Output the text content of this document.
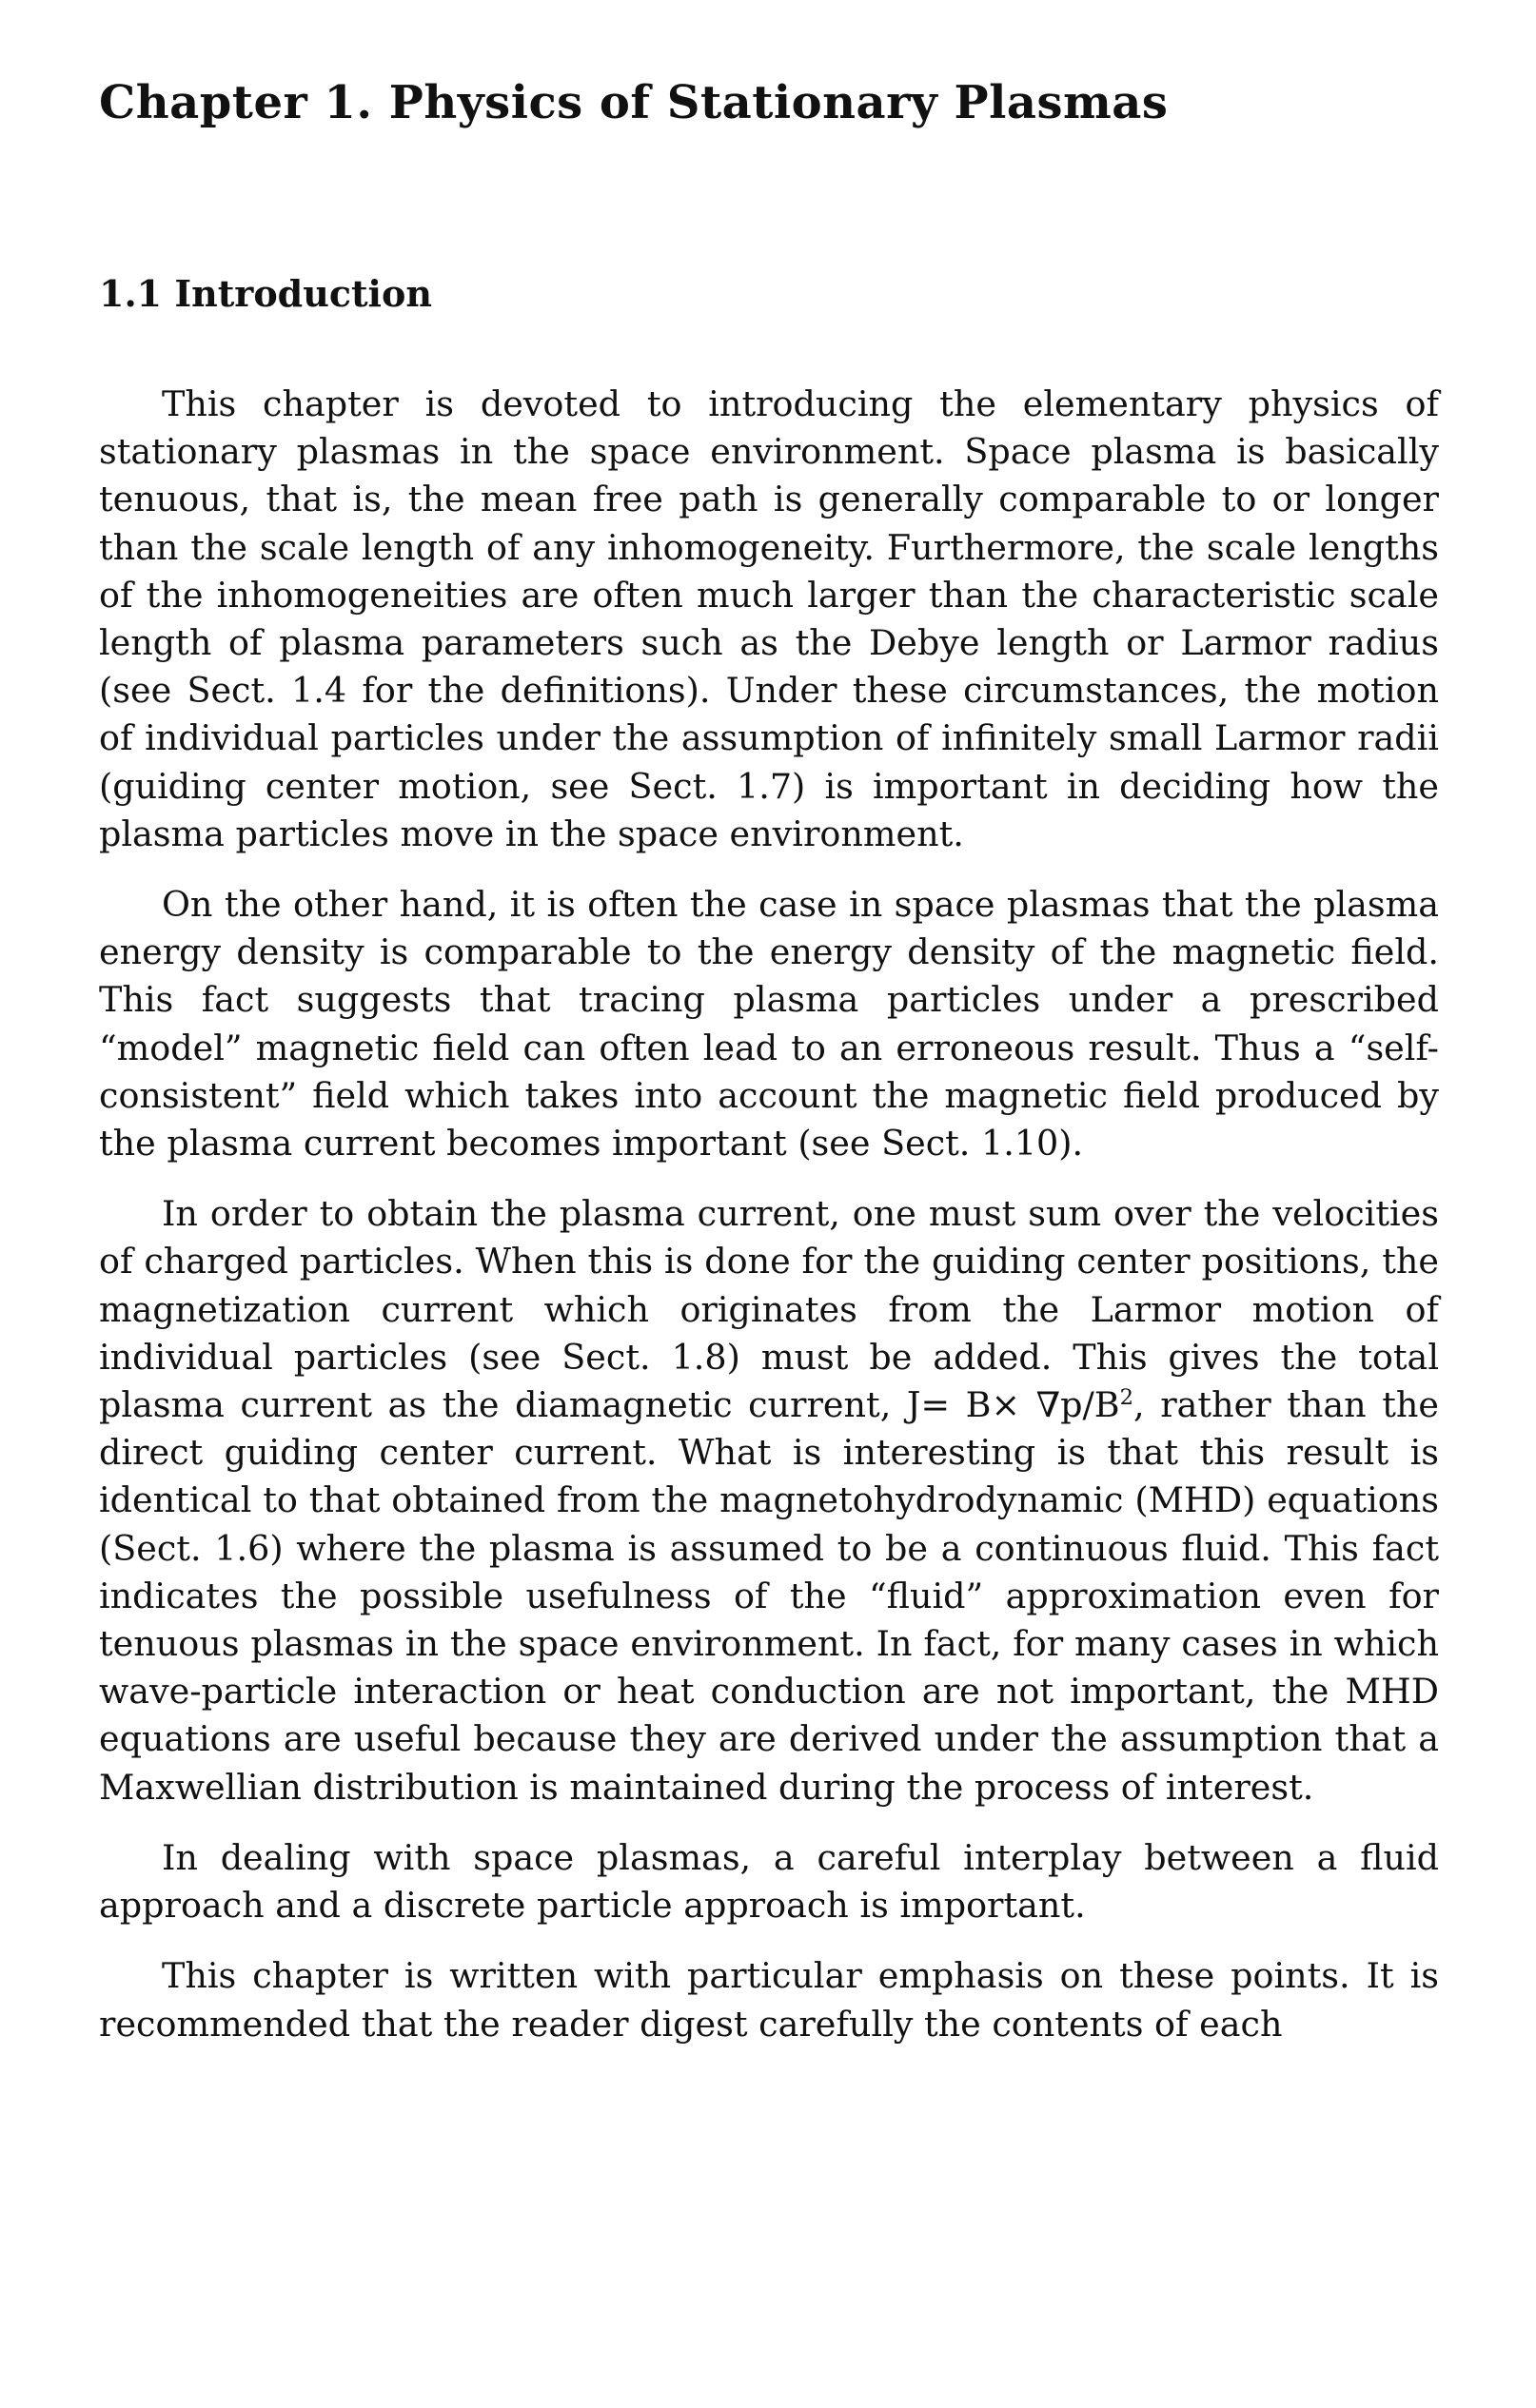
Chapter 1. Physics of Stationary Plasmas
1.1 Introduction

This chapter is devoted to introducing the elementary physics of stationary plasmas in the space environment. Space plasma is basically tenuous, that is, the mean free path is generally comparable to or longer than the scale length of any inhomogeneity. Furthermore, the scale lengths of the inhomogeneities are often much larger than the characteristic scale length of plasma parameters such as the Debye length or Larmor radius (see Sect. 1.4 for the definitions). Under these circumstances, the motion of individual particles under the assumption of infinitely small Larmor radii (guiding center motion, see Sect. 1.7) is important in deciding how the plasma particles move in the space environment.

On the other hand, it is often the case in space plasmas that the plasma energy density is comparable to the energy density of the magnetic field. This fact suggests that tracing plasma particles under a prescribed “model” magnetic field can often lead to an erroneous result. Thus a “self-consistent” field which takes into account the magnetic field produced by the plasma current becomes important (see Sect. 1.10).

In order to obtain the plasma current, one must sum over the velocities of charged particles. When this is done for the guiding center positions, the magnetization current which originates from the Larmor motion of individual particles (see Sect. 1.8) must be added. This gives the total plasma current as the diamagnetic current, $J= B\times \nabla p/B^2$, rather than the direct guiding center current. What is interesting is that this result is identical to that obtained from the magnetohydrodynamic (MHD) equations (Sect. 1.6) where the plasma is assumed to be a continuous fluid. This fact indicates the possible usefulness of the “fluid” approximation even for tenuous plasmas in the space environment. In fact, for many cases in which wave-particle interaction or heat conduction are not important, the MHD equations are useful because they are derived under the assumption that a Maxwellian distribution is maintained during the process of interest.

In dealing with space plasmas, a careful interplay between a fluid approach and a discrete particle approach is important.

This chapter is written with particular emphasis on these points. It is recommended that the reader digest carefully the contents of each
